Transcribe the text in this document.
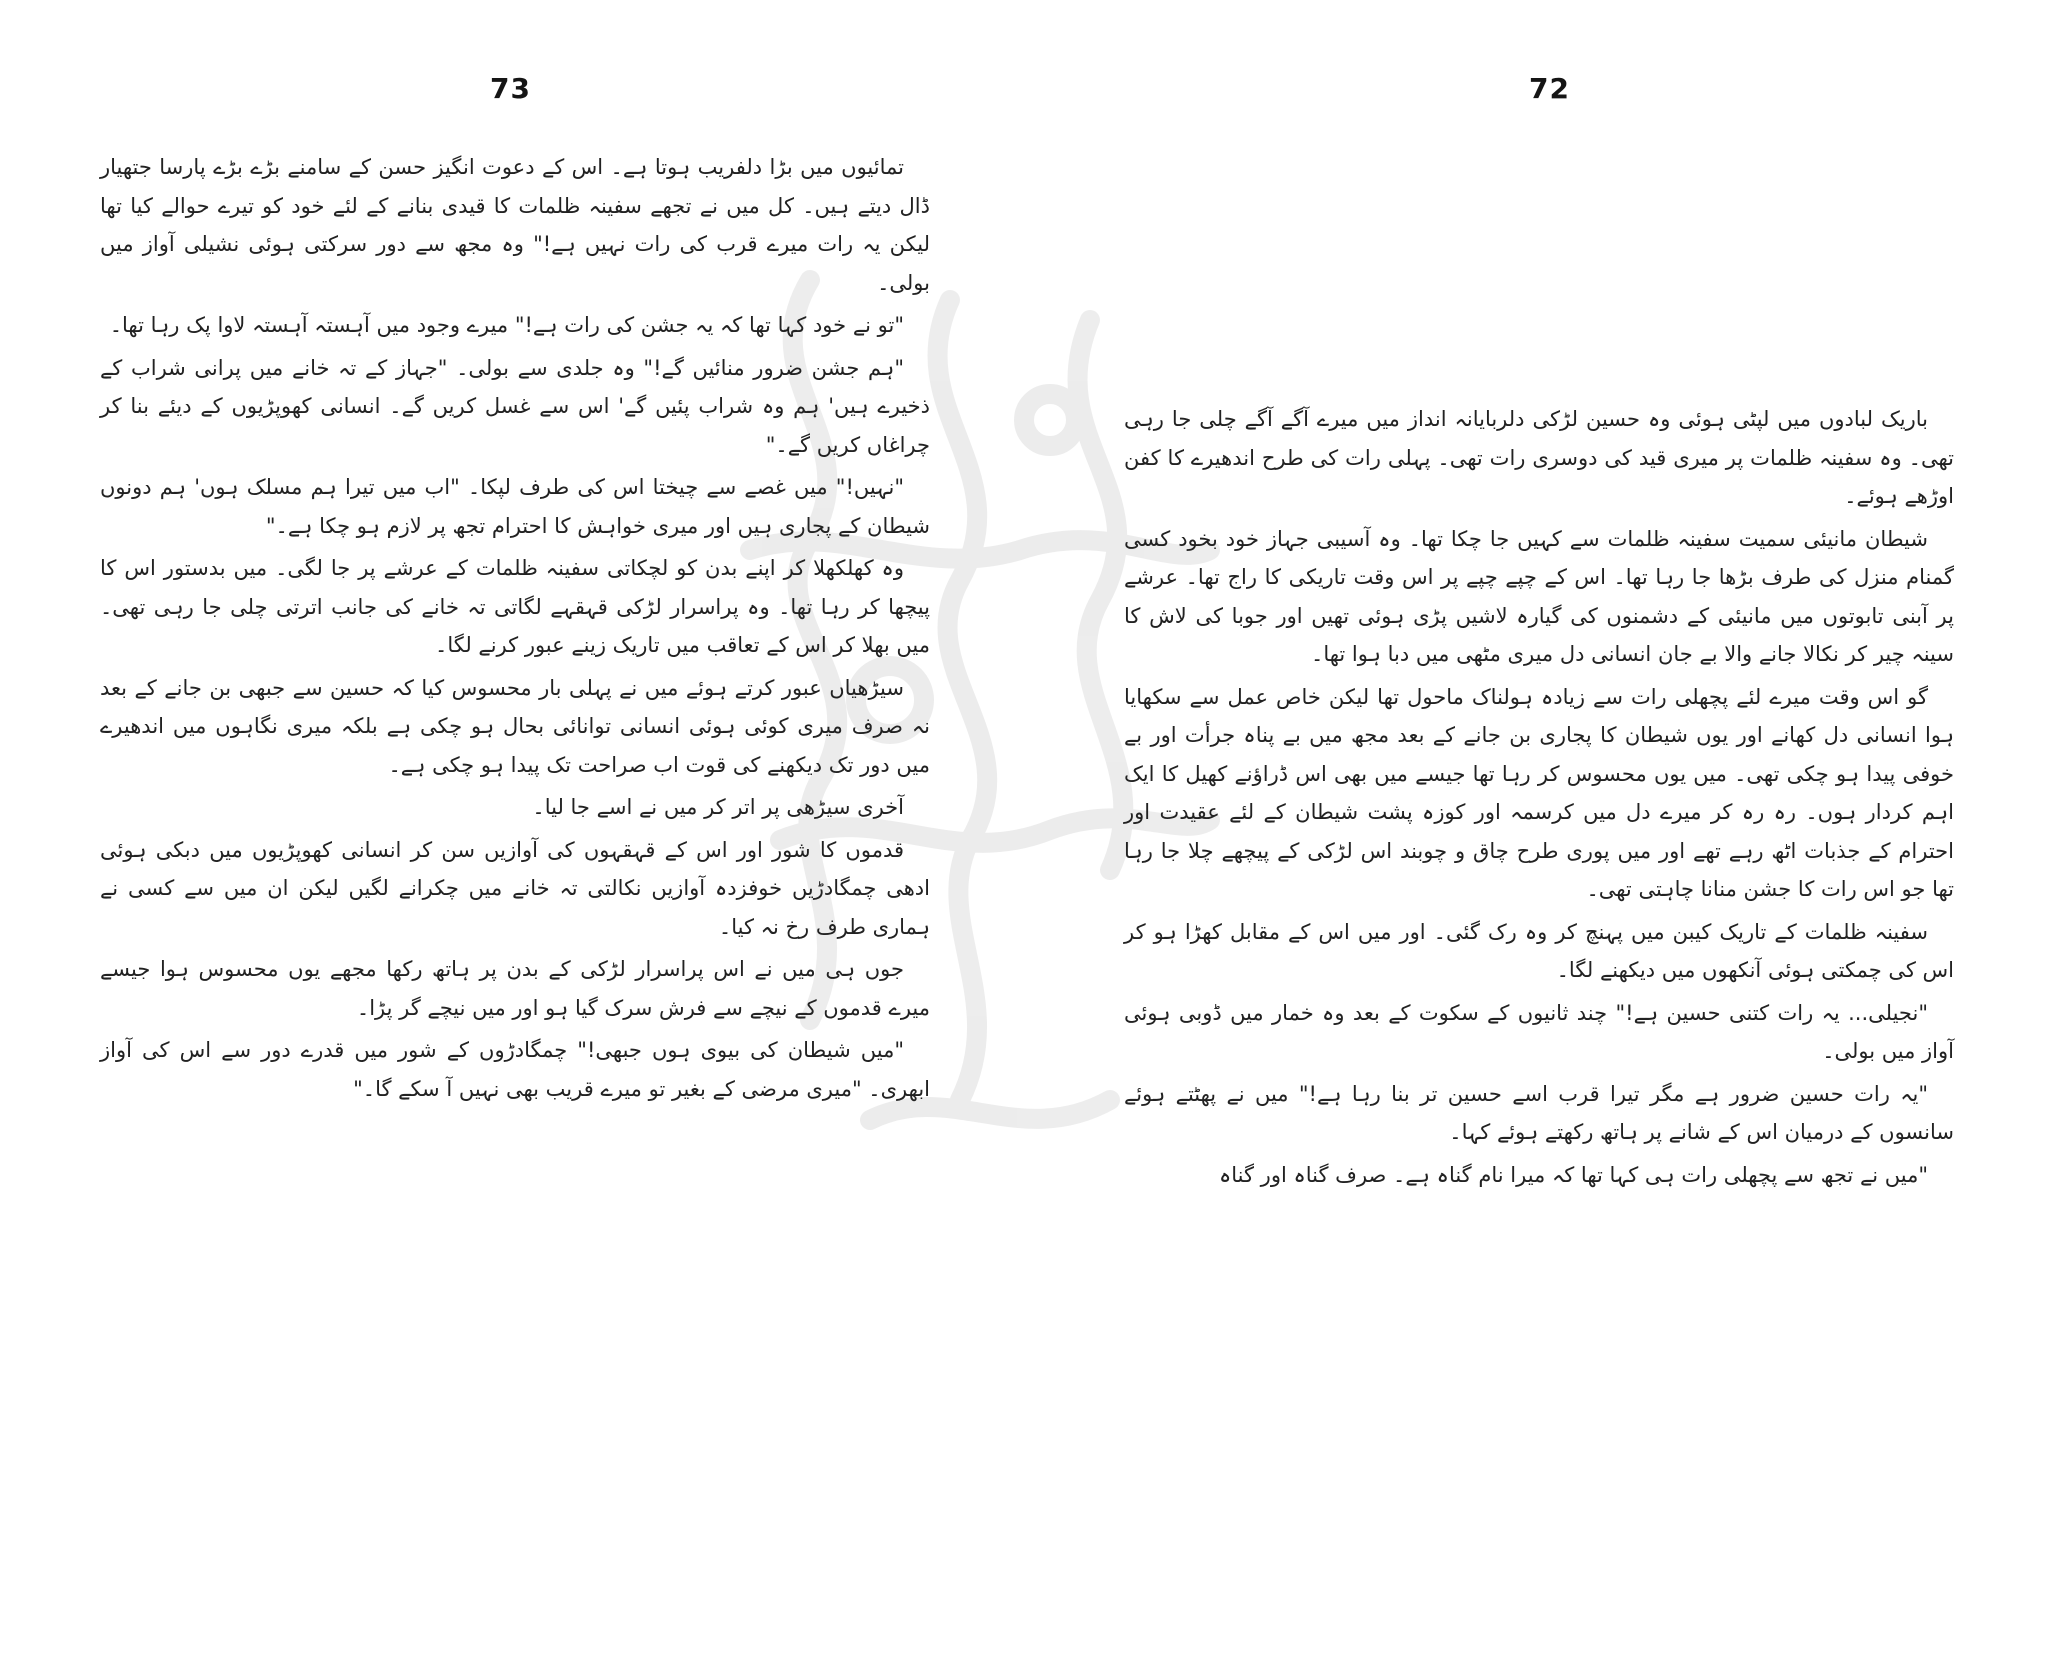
73

تمائیوں میں بڑا دلفریب ہوتا ہے۔ اس کے دعوت انگیز حسن کے سامنے بڑے بڑے پارسا جتھیار ڈال دیتے ہیں۔ کل میں نے تجھے سفینہ ظلمات کا قیدی بنانے کے لئے خود کو تیرے حوالے کیا تھا لیکن یہ رات میرے قرب کی رات نہیں ہے!" وہ مجھ سے دور سرکتی ہوئی نشیلی آواز میں بولی۔

"تو نے خود کہا تھا کہ یہ جشن کی رات ہے!" میرے وجود میں آہستہ آہستہ لاوا پک رہا تھا۔

"ہم جشن ضرور منائیں گے!" وہ جلدی سے بولی۔ "جہاز کے تہ خانے میں پرانی شراب کے ذخیرے ہیں' ہم وہ شراب پئیں گے' اس سے غسل کریں گے۔ انسانی کھوپڑیوں کے دیئے بنا کر چراغاں کریں گے۔"

"نہیں!" میں غصے سے چیختا اس کی طرف لپکا۔ "اب میں تیرا ہم مسلک ہوں' ہم دونوں شیطان کے پجاری ہیں اور میری خواہش کا احترام تجھ پر لازم ہو چکا ہے۔"

وہ کھلکھلا کر اپنے بدن کو لچکاتی سفینہ ظلمات کے عرشے پر جا لگی۔ میں بدستور اس کا پیچھا کر رہا تھا۔ وہ پراسرار لڑکی قہقہے لگاتی تہ خانے کی جانب اترتی چلی جا رہی تھی۔ میں بھلا کر اس کے تعاقب میں تاریک زینے عبور کرنے لگا۔

سیڑھیاں عبور کرتے ہوئے میں نے پہلی بار محسوس کیا کہ حسین سے جبھی بن جانے کے بعد نہ صرف میری کوئی ہوئی انسانی توانائی بحال ہو چکی ہے بلکہ میری نگاہوں میں اندھیرے میں دور تک دیکھنے کی قوت اب صراحت تک پیدا ہو چکی ہے۔

آخری سیڑھی پر اتر کر میں نے اسے جا لیا۔

قدموں کا شور اور اس کے قہقہوں کی آوازیں سن کر انسانی کھوپڑیوں میں دبکی ہوئی ادھی چمگادڑیں خوفزدہ آوازیں نکالتی تہ خانے میں چکرانے لگیں لیکن ان میں سے کسی نے ہماری طرف رخ نہ کیا۔

جوں ہی میں نے اس پراسرار لڑکی کے بدن پر ہاتھ رکھا مجھے یوں محسوس ہوا جیسے میرے قدموں کے نیچے سے فرش سرک گیا ہو اور میں نیچے گر پڑا۔

"میں شیطان کی بیوی ہوں جبھی!" چمگادڑوں کے شور میں قدرے دور سے اس کی آواز ابھری۔ "میری مرضی کے بغیر تو میرے قریب بھی نہیں آ سکے گا۔"

72

باریک لبادوں میں لپٹی ہوئی وہ حسین لڑکی دلربایانہ انداز میں میرے آگے آگے چلی جا رہی تھی۔ وہ سفینہ ظلمات پر میری قید کی دوسری رات تھی۔ پہلی رات کی طرح اندھیرے کا کفن اوڑھے ہوئے۔

شیطان مانیئی سمیت سفینہ ظلمات سے کہیں جا چکا تھا۔ وہ آسیبی جہاز خود بخود کسی گمنام منزل کی طرف بڑھا جا رہا تھا۔ اس کے چپے چپے پر اس وقت تاریکی کا راج تھا۔ عرشے پر آبنی تابوتوں میں مانیئی کے دشمنوں کی گیارہ لاشیں پڑی ہوئی تھیں اور جوبا کی لاش کا سینہ چیر کر نکالا جانے والا بے جان انسانی دل میری مٹھی میں دبا ہوا تھا۔

گو اس وقت میرے لئے پچھلی رات سے زیادہ ہولناک ماحول تھا لیکن خاص عمل سے سکھایا ہوا انسانی دل کھانے اور یوں شیطان کا پجاری بن جانے کے بعد مجھ میں بے پناہ جرأت اور بے خوفی پیدا ہو چکی تھی۔ میں یوں محسوس کر رہا تھا جیسے میں بھی اس ڈراؤنے کھیل کا ایک اہم کردار ہوں۔ رہ رہ کر میرے دل میں کرسمہ اور کوزہ پشت شیطان کے لئے عقیدت اور احترام کے جذبات اٹھ رہے تھے اور میں پوری طرح چاق و چوبند اس لڑکی کے پیچھے چلا جا رہا تھا جو اس رات کا جشن منانا چاہتی تھی۔

سفینہ ظلمات کے تاریک کیبن میں پہنچ کر وہ رک گئی۔ اور میں اس کے مقابل کھڑا ہو کر اس کی چمکتی ہوئی آنکھوں میں دیکھنے لگا۔

"نجیلی... یہ رات کتنی حسین ہے!" چند ثانیوں کے سکوت کے بعد وہ خمار میں ڈوبی ہوئی آواز میں بولی۔

"یہ رات حسین ضرور ہے مگر تیرا قرب اسے حسین تر بنا رہا ہے!" میں نے پھٹتے ہوئے سانسوں کے درمیان اس کے شانے پر ہاتھ رکھتے ہوئے کہا۔

"میں نے تجھ سے پچھلی رات ہی کہا تھا کہ میرا نام گناہ ہے۔ صرف گناہ اور گناہ
